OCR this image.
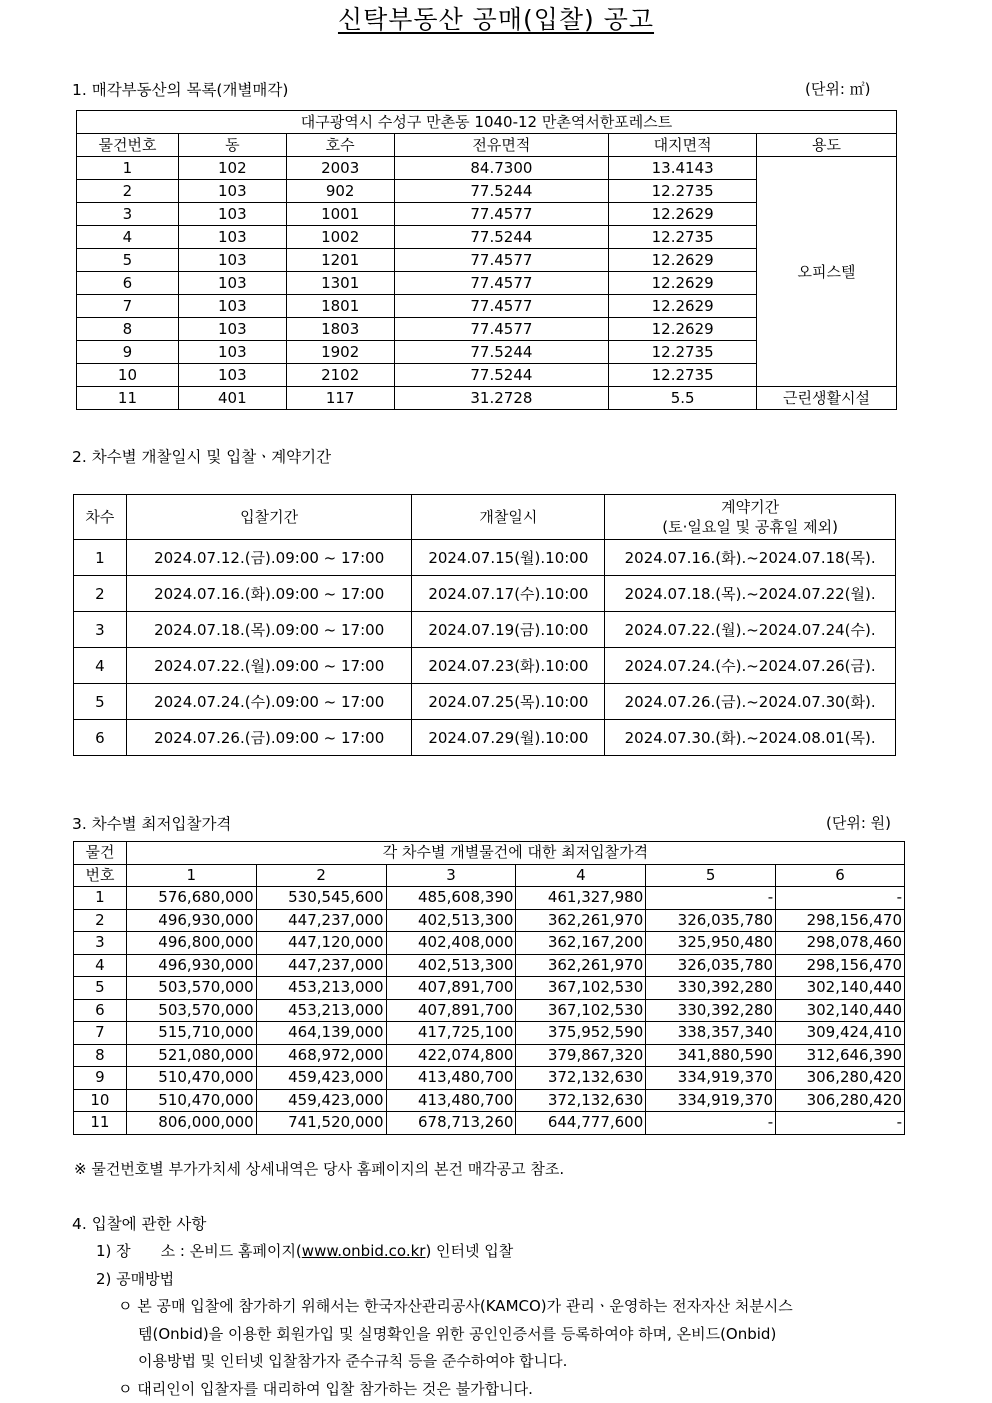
신탁부동산 공매(입찰) 공고
1. 매각부동산의 목록(개별매각)	(단위: ㎡)
대구광역시 수성구 만촌동 1040-12 만촌역서한포레스트					
물건번호	동	호수	전유면적	대지면적	용도
1	102	2003	84.7300	13.4143	오피스텔
2	103	902	77.5244	12.2735	
3	103	1001	77.4577	12.2629	
4	103	1002	77.5244	12.2735	
5	103	1201	77.4577	12.2629	
6	103	1301	77.4577	12.2629	
7	103	1801	77.4577	12.2629	
8	103	1803	77.4577	12.2629	
9	103	1902	77.5244	12.2735	
10	103	2102	77.5244	12.2735	
11	401	117	31.2728	5.5	근린생활시설
2. 차수별 개찰일시 및 입찰ㆍ계약기간
차수	입찰기간	개찰일시	계약기간
(토·일요일 및 공휴일 제외)

1	2024.07.12.(금).09:00 ~ 17:00	2024.07.15(월).10:00	2024.07.16.(화).~2024.07.18(목).
2	2024.07.16.(화).09:00 ~ 17:00	2024.07.17(수).10:00	2024.07.18.(목).~2024.07.22(월).
3	2024.07.18.(목).09:00 ~ 17:00	2024.07.19(금).10:00	2024.07.22.(월).~2024.07.24(수).
4	2024.07.22.(월).09:00 ~ 17:00	2024.07.23(화).10:00	2024.07.24.(수).~2024.07.26(금).
5	2024.07.24.(수).09:00 ~ 17:00	2024.07.25(목).10:00	2024.07.26.(금).~2024.07.30(화).
6	2024.07.26.(금).09:00 ~ 17:00	2024.07.29(월).10:00	2024.07.30.(화).~2024.08.01(목).
3. 차수별 최저입찰가격	(단위: 원)
물건	각 차수별 개별물건에 대한 최저입찰가격					
번호	1	2	3	4	5	6
1	576,680,000	530,545,600	485,608,390	461,327,980	-	-
2	496,930,000	447,237,000	402,513,300	362,261,970	326,035,780	298,156,470
3	496,800,000	447,120,000	402,408,000	362,167,200	325,950,480	298,078,460
4	496,930,000	447,237,000	402,513,300	362,261,970	326,035,780	298,156,470
5	503,570,000	453,213,000	407,891,700	367,102,530	330,392,280	302,140,440
6	503,570,000	453,213,000	407,891,700	367,102,530	330,392,280	302,140,440
7	515,710,000	464,139,000	417,725,100	375,952,590	338,357,340	309,424,410
8	521,080,000	468,972,000	422,074,800	379,867,320	341,880,590	312,646,390
9	510,470,000	459,423,000	413,480,700	372,132,630	334,919,370	306,280,420
10	510,470,000	459,423,000	413,480,700	372,132,630	334,919,370	306,280,420
11	806,000,000	741,520,000	678,713,260	644,777,600	-	-
※ 물건번호별 부가가치세 상세내역은 당사 홈페이지의 본건 매각공고 참조.
4. 입찰에 관한 사항
1) 장　　소 : 온비드 홈페이지(www.onbid.co.kr) 인터넷 입찰
2) 공매방법
ㅇ 본 공매 입찰에 참가하기 위해서는 한국자산관리공사(KAMCO)가 관리ㆍ운영하는 전자자산 처분시스
템(Onbid)을 이용한 회원가입 및 실명확인을 위한 공인인증서를 등록하여야 하며, 온비드(Onbid)
이용방법 및 인터넷 입찰참가자 준수규칙 등을 준수하여야 합니다.
ㅇ 대리인이 입찰자를 대리하여 입찰 참가하는 것은 불가합니다.
